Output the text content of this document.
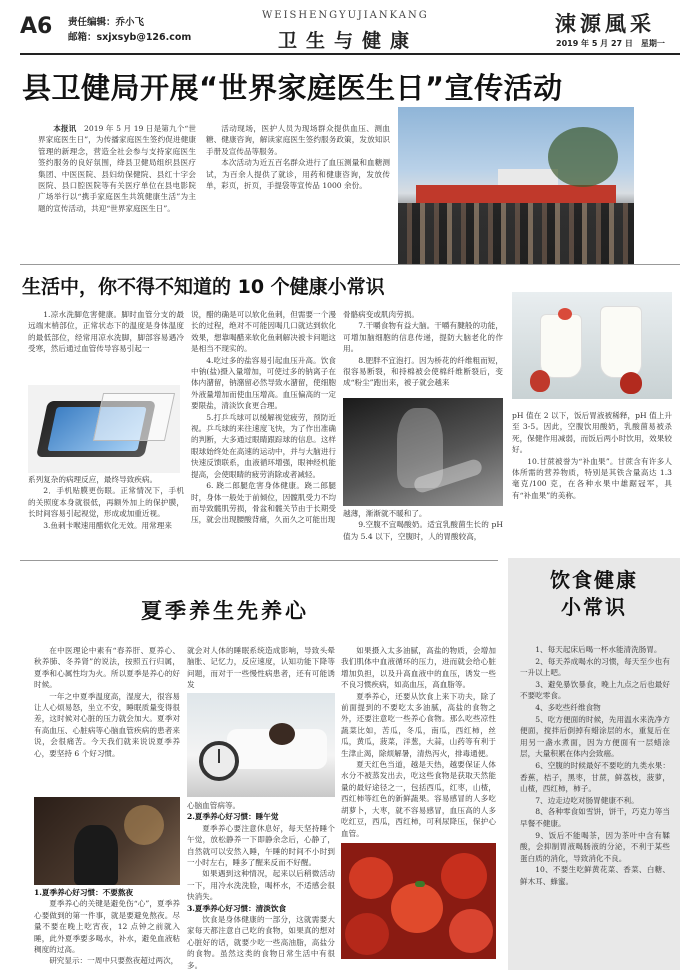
A6 责任编辑：乔小飞
邮箱：sxjxsyb@126.com
WEISHENGYUJIANKANG
卫生与健康
涑源風采
2019 年 5 月 27 日　星期一
县卫健局开展“世界家庭医生日”宣传活动

本报讯　 2019 年 5 月 19 日是第九个“世界家庭医生日”，为传播家庭医生签约促进健康管理的新理念，营造全社会参与支持家庭医生签约服务的良好氛围，绛县卫健局组织县医疗集团、中医医院、县妇幼保健院、县红十字会医院、县口腔医院等有关医疗单位在县电影院广场举行以“携手家庭医生共筑健康生活”为主题的宣传活动，共迎“世界家庭医生日”。

活动现场，医护人员为现场群众提供血压、测血糖、健康咨询，解读家庭医生签约服务政策，发放知识手册及宣传品等服务。

本次活动为近五百名群众进行了血压测量和血糖测试，为百余人提供了就诊，用药和健康咨询，发放传单，彩页，折页，手提袋等宣传品 1000 余份。

生活中，你不得不知道的 10 个健康小常识

1.凉水洗脚危害健康。脚时血管分支的最远端末梢部位，正常状态下的温度是身体温度的最低部位，经常用凉水洗脚，脚部容易遇冷受寒，然后通过血管传导容易引起一

系列复杂的病理反应，最终导致疾病。

2．手机贴膜更伤眼。正常情况下，手机的关照度本身就很低，再额外加上的保护膜，长时间容易引起视觉，形成或加重近视。

3.鱼刺卡喉速用醋软化无效。用常理来

说，醋的确是可以软化鱼刺，但需要一个漫长的过程，绝对不可能因喝几口就达到软化效果，想靠喝醋来软化鱼刺解决被卡问题这是相当不现实的。

4.吃过多的盐容易引起血压升高。饮食中钠(盐)摄入量增加，可使过多的钠离子在体内潴留，钠潴留必然导致水潴留，使细胞外液量增加而使血压增高。血压偏高的一定要限盐，清淡饮食更合理。

5.打乒乓球可以缓解视觉疲劳，预防近视。乒乓球的来往速度飞快，为了作出准确的判断，大多通过眼睛跟踪球的信息。这样眼球始终处在高速的运动中，并与大脑进行快速反馈联系，血液循环增强，眼神经机能提高，会使眼睛的疲劳消除或者减轻。

6. 跷二郎腿危害身体健康。跷二郎腿时，身体一般处于前倾位，因髋肌受力不均而导致髋肌劳损，骨盆和髋关节由于长期受压，就会出现腰酸背痛，久而久之可能出现

骨骼病变或肌肉劳损。

7.干嚼食物有益大脑。干嚼有腱般的功能，可增加脑细胞的信息传递，提防大脑老化的作用。

8.肥胖不宜泡打。因为桥花的纤维粗而短，很容易断裂，和持棉被会使棉纤维断裂后，变成“粉尘”跑出来，被子就会越来

越薄，渐渐就不暖和了。

9.空腹不宜喝酸奶。适宜乳酸菌生长的 pH 值为 5.4 以下，空腹时，人的胃酸较高，

pH 值在 2 以下，饭后胃液被稀释，pH 值上升至 3-5。因此，空腹饮用酸奶，乳酸菌易被杀死，保健作用减弱，而饭后两小时饮用，效果较好。

10.甘蔗被誉为“补血果”。甘蔗含有许多人体所需的营养物质，特别是其铁含量高达 1.3 毫克/100 克，在各种水果中雄踞冠军，具有“补血果”的美称。

夏季养生先养心

在中医理论中素有“春养肝、夏养心、秋养肺、冬养肾”的说法，按照五行归属，夏季和心属性均为火。所以夏季是养心的好时候。

一年之中夏季温度高，湿度大，很容易让人心烦易怒，坐立不安，睡眠质量变得很差，这时候对心脏的压力就会加大。夏季对有高血压、心脏病等心脑血管疾病的患者来说，会很痛苦。今天我们就来说说夏季养心，要坚持 6 个好习惯。

1.夏季养心好习惯：不要熬夜

夏季养心的关键是避免伤“心”，夏季养心要做到的第一件事，就是要避免熬夜。尽量不要在晚上吃宵夜，12 点钟之前就入睡，此外夏季要多喝水，补水，避免血液粘稠度的过高。

研究显示：一周中只要熬夜超过两次，

就会对人体的睡眠系统造成影响，导致头晕脑胀、记忆力，反应速度，认知功能下降等问题，而对于一些慢性病患者，还有可能诱发

心脑血管病等。

2.夏季养心好习惯：睡午觉

夏季养心要注意休息好，每天坚持睡个午觉，放松静养一下即静余念后，心静了，自然就可以安然入睡，午睡的时间不小时到一小时左右，睡多了醒来反而不好醒。

如果遇到这种情况，起来以后稍微活动一下，用冷水洗洗脸，喝杯水，不适感会很快消失。

3.夏季养心好习惯：清淡饮食

饮食是身体健康的一部分，这就需要大家每天都注意自己吃的食物，如果真的想对心脏好的话，就要少吃一些高油脂，高盐分的食物。虽然这类的食物日常生活中有很多。

如果摄入太多油腻，高盐的物质，会增加我们肌体中血液循环的压力，进而就会给心脏增加负担，以及升高血液中的血压，诱发一些不良习惯疾病，如高血压，高血脂等。

夏季养心，还要从饮食上来下功夫，除了前面提到的不要吃太多油腻，高盐的食物之外，还要注意吃一些养心食物。那么吃些凉性蔬菜比如，苦瓜，冬瓜，南瓜，西红柿，丝瓜，黄瓜，菠菜，洋葱，大蒜，山药等有利于生津止渴，除烦解暑，清热泻火，排毒通便。

夏天红色当道，越是天热，越要保证人体水分不被蒸发出去，吃这些食物是获取天然能量的最好途径之一，包括西瓜，红枣，山楂，西红柿等红色的新鲜蔬果。容易感冒的人多吃胡萝卜，大枣，就不容易感冒，血压高的人多吃红豆，西瓜，西红柿，可利尿降压，保护心血管。

饮食健康
小常识

1、每天起床后喝一杯水能清洗肠胃。

2、每天养成喝水的习惯，每天至少也有一升以上吧。

3、避免暴饮暴食，晚上九点之后也最好不要吃零食。

4、多吃些纤维食物

5、吃方便面的时候，先用温水来洗净方便面，搅拌后倒掉有蜡涂层的水，重复后在用另一盏水煮面，因为方便面有一层蜡涂层，大量积累在体内会致癌。

6、空腹的时候最好不要吃的九类水果：香蕉，桔子，黑枣，甘蔗，鲜荔枝，菠萝，山楂，西红柿，柿子。

7、边走边吃对肠胃健康不利。

8、各种零食如雪饼，饼干，巧克力等当早餐不健康。

9、饭后不能喝茶，因为茶叶中含有鞣酸，会抑制胃液喝肠液的分泌，不利于某些蛋白质的消化，导致消化不良。

10、不要生吃鲜黄花菜、香菜、白糖、鲜木耳、蜂蜜。
